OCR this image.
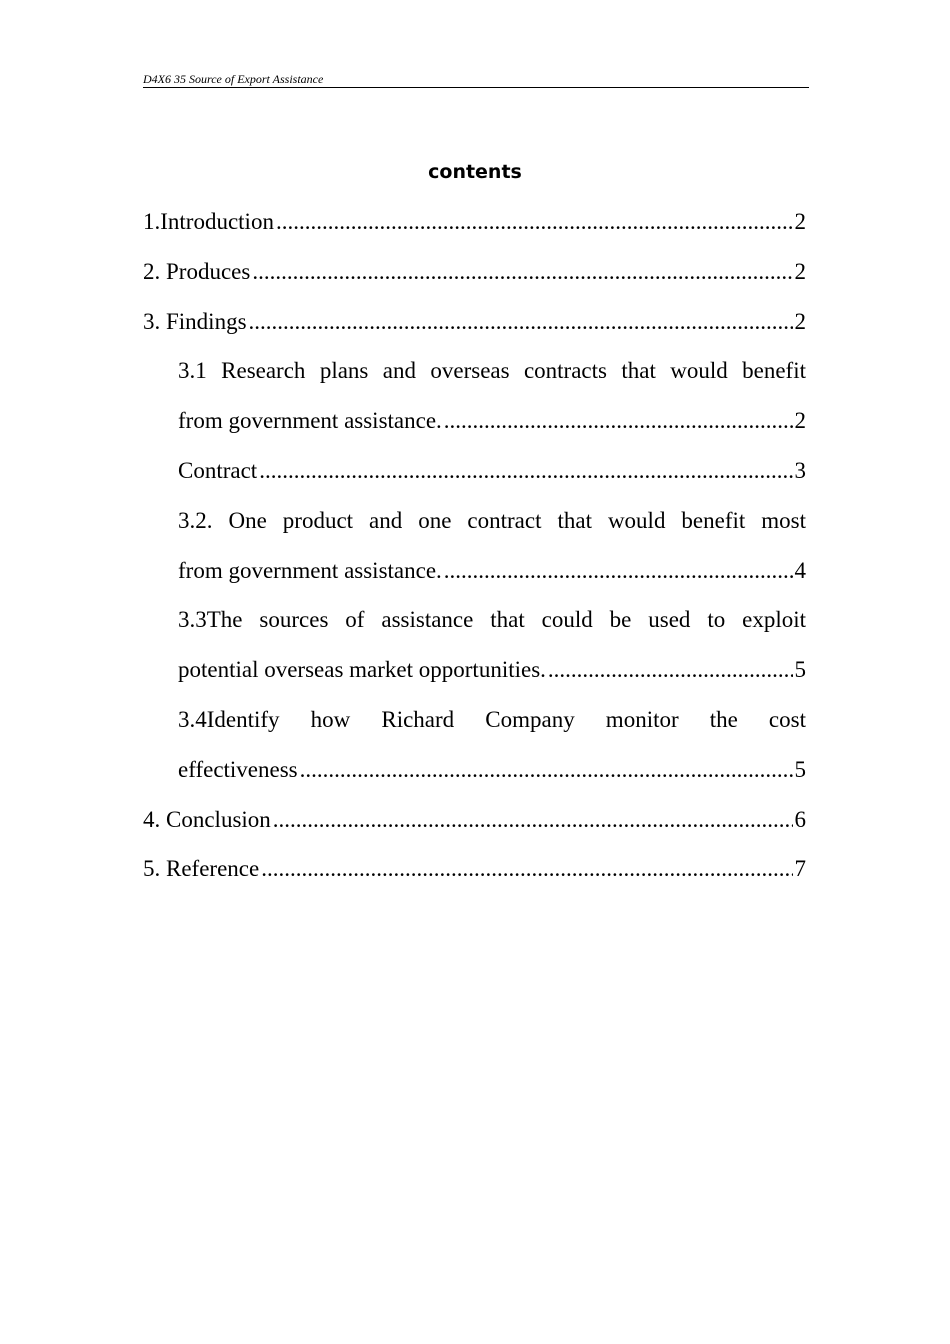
D4X6 35 Source of Export Assistance
contents
1.Introduction .....	2
2. Produces .....	2
3. Findings .....	2
3.1 Research plans and overseas contracts that would benefit
from government assistance. .....	2
Contract .....	3
3.2. One product and one contract that would benefit most
from government assistance. .....	4
3.3The sources of assistance that could be used to exploit
potential overseas market opportunities. .....	5
3.4Identify how Richard Company monitor the cost
effectiveness .....	5
4. Conclusion .....	6
5. Reference .....	7
